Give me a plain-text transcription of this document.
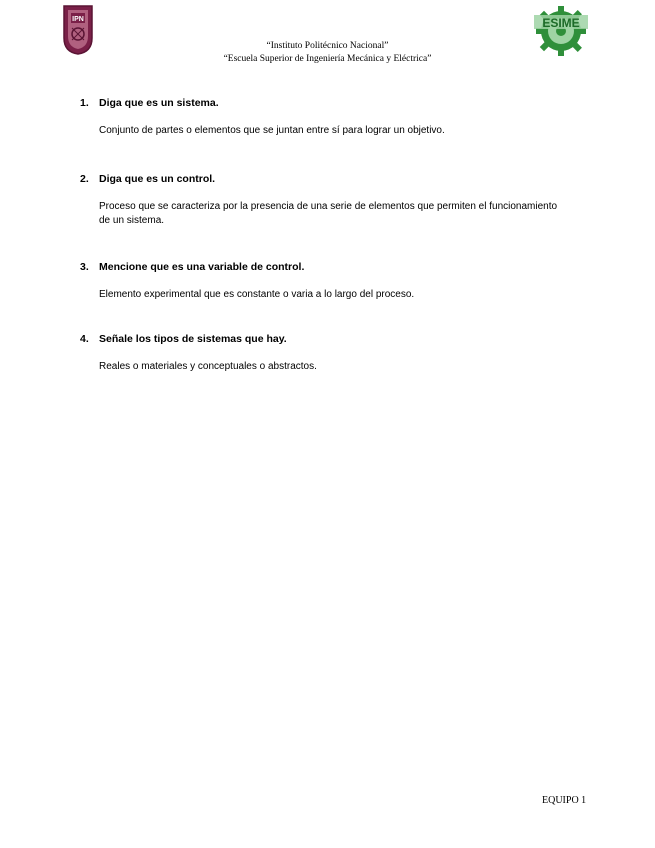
IPN	ESIME
“Instituto Politécnico Nacional”
“Escuela Superior de Ingeniería Mecánica y Eléctrica”
1. Diga que es un sistema.
Conjunto de partes o elementos que se juntan entre sí para lograr un objetivo.
2. Diga que es un control.
Proceso que se caracteriza por la presencia de una serie de elementos que permiten el funcionamiento de un sistema.
3. Mencione que es una variable de control.
Elemento experimental que es constante o varia a lo largo del proceso.
4. Señale los tipos de sistemas que hay.
Reales o materiales y conceptuales o abstractos.
EQUIPO 1
